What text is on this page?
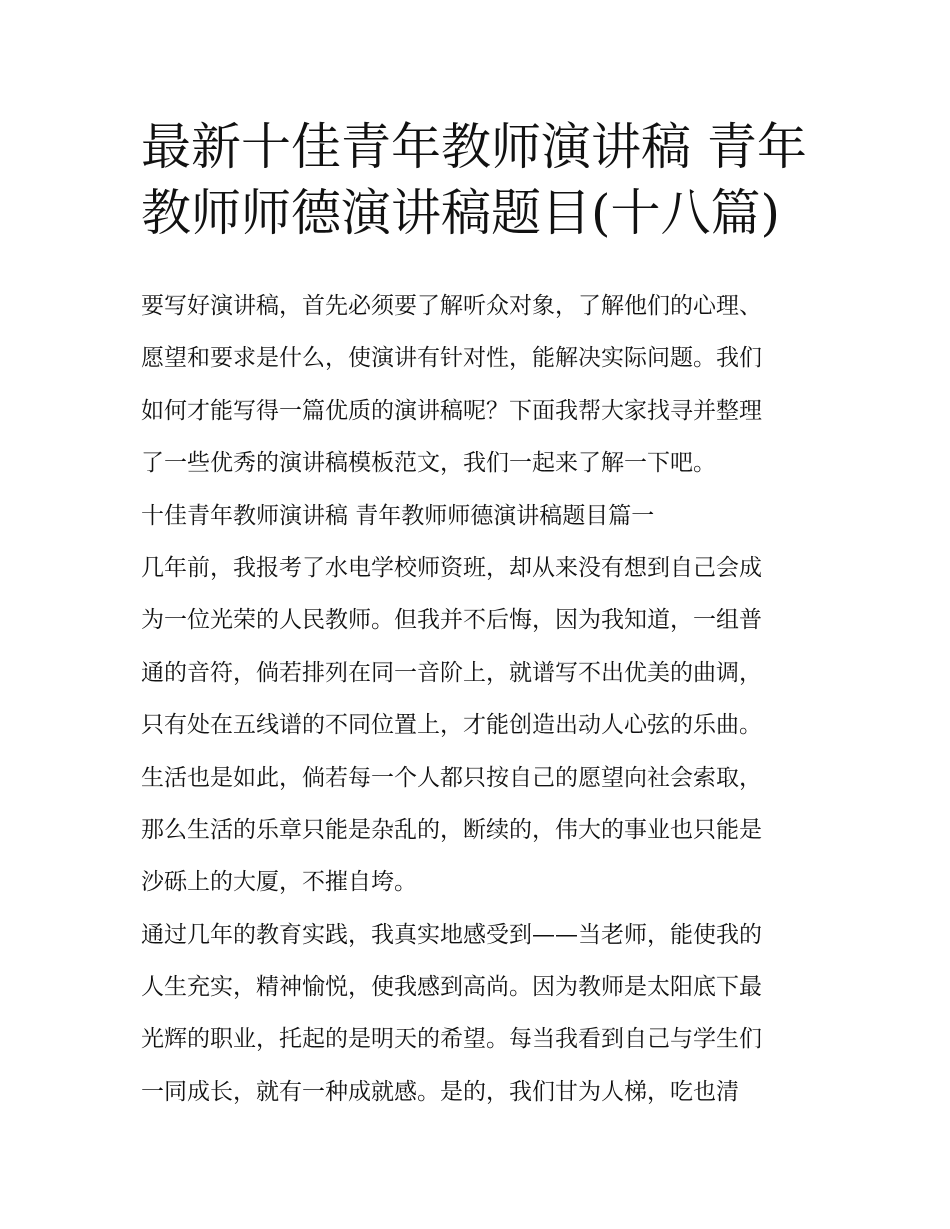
最新十佳青年教师演讲稿 青年
教师师德演讲稿题目(十八篇)
要写好演讲稿，首先必须要了解听众对象，了解他们的心理、
愿望和要求是什么，使演讲有针对性，能解决实际问题。我们
如何才能写得一篇优质的演讲稿呢？下面我帮大家找寻并整理
了一些优秀的演讲稿模板范文，我们一起来了解一下吧。
十佳青年教师演讲稿 青年教师师德演讲稿题目篇一
几年前，我报考了水电学校师资班，却从来没有想到自己会成
为一位光荣的人民教师。但我并不后悔，因为我知道，一组普
通的音符，倘若排列在同一音阶上，就谱写不出优美的曲调，
只有处在五线谱的不同位置上，才能创造出动人心弦的乐曲。
生活也是如此，倘若每一个人都只按自己的愿望向社会索取，
那么生活的乐章只能是杂乱的，断续的，伟大的事业也只能是
沙砾上的大厦，不摧自垮。
通过几年的教育实践，我真实地感受到——当老师，能使我的
人生充实，精神愉悦，使我感到高尚。因为教师是太阳底下最
光辉的职业，托起的是明天的希望。每当我看到自己与学生们
一同成长，就有一种成就感。是的，我们甘为人梯，吃也清
